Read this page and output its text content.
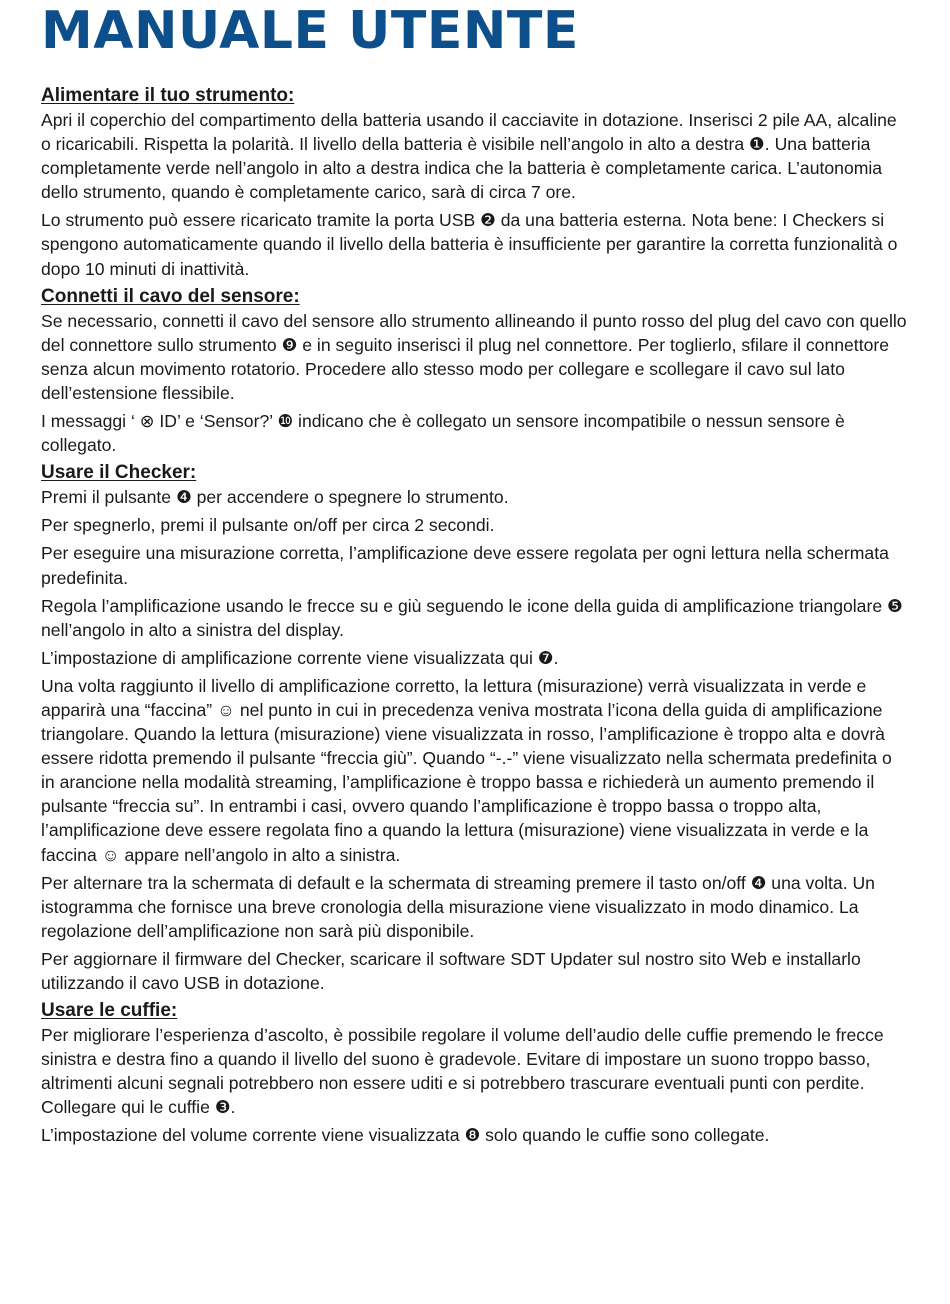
MANUALE UTENTE
Alimentare il tuo strumento:

Apri il coperchio del compartimento della batteria usando il cacciavite in dotazione. Inserisci 2 pile AA, alcaline o ricaricabili. Rispetta la polarità. Il livello della batteria è visibile nell’angolo in alto a destra ❶. Una batteria completamente verde nell’angolo in alto a destra indica che la batteria è completamente carica. L’autonomia dello strumento, quando è completamente carico, sarà di circa 7 ore.

Lo strumento può essere ricaricato tramite la porta USB ❷ da una batteria esterna. Nota bene: I Checkers si spengono automaticamente quando il livello della batteria è insufficiente per garantire la corretta funzionalità o dopo 10 minuti di inattività.

Connetti il cavo del sensore:

Se necessario, connetti il cavo del sensore allo strumento allineando il punto rosso del plug del cavo con quello del connettore sullo strumento ❾ e in seguito inserisci il plug nel connettore. Per toglierlo, sfilare il connettore senza alcun movimento rotatorio. Procedere allo stesso modo per collegare e scollegare il cavo sul lato dell’estensione flessibile.

I messaggi ‘ ⊗ ID’ e ‘Sensor?’ ❿ indicano che è collegato un sensore incompatibile o nessun sensore è collegato.

Usare il Checker:

Premi il pulsante ❹ per accendere o spegnere lo strumento.

Per spegnerlo, premi il pulsante on/off per circa 2 secondi.

Per eseguire una misurazione corretta, l’amplificazione deve essere regolata per ogni lettura nella schermata predefinita.

Regola l’amplificazione usando le frecce su e giù seguendo le icone della guida di amplificazione triangolare ❺ nell’angolo in alto a sinistra del display.

L’impostazione di amplificazione corrente viene visualizzata qui ❼.

Una volta raggiunto il livello di amplificazione corretto, la lettura (misurazione) verrà visualizzata in verde e apparirà una “faccina” ☺ nel punto in cui in precedenza veniva mostrata l’icona della guida di amplificazione triangolare. Quando la lettura (misurazione) viene visualizzata in rosso, l’amplificazione è troppo alta e dovrà essere ridotta premendo il pulsante “freccia giù”. Quando “-.-” viene visualizzato nella schermata predefinita o in arancione nella modalità streaming, l’amplificazione è troppo bassa e richiederà un aumento premendo il pulsante “freccia su”. In entrambi i casi, ovvero quando l’amplificazione è troppo bassa o troppo alta, l’amplificazione deve essere regolata fino a quando la lettura (misurazione) viene visualizzata in verde e la faccina ☺ appare nell’angolo in alto a sinistra.

Per alternare tra la schermata di default e la schermata di streaming premere il tasto on/off ❹ una volta. Un istogramma che fornisce una breve cronologia della misurazione viene visualizzato in modo dinamico. La regolazione dell’amplificazione non sarà più disponibile.

Per aggiornare il firmware del Checker, scaricare il software SDT Updater sul nostro sito Web e installarlo utilizzando il cavo USB in dotazione.

Usare le cuffie:

Per migliorare l’esperienza d’ascolto, è possibile regolare il volume dell’audio delle cuffie premendo le frecce sinistra e destra fino a quando il livello del suono è gradevole. Evitare di impostare un suono troppo basso, altrimenti alcuni segnali potrebbero non essere uditi e si potrebbero trascurare eventuali punti con perdite. Collegare qui le cuffie ❸.

L’impostazione del volume corrente viene visualizzata ❽ solo quando le cuffie sono collegate.
